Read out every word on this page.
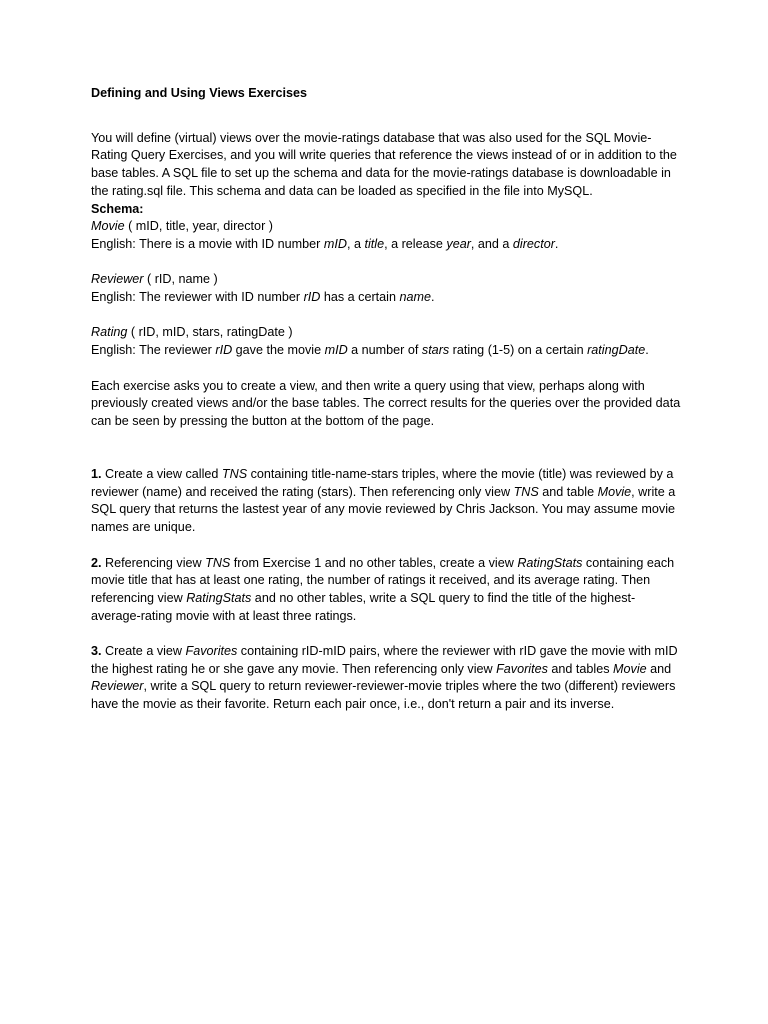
Defining and Using Views Exercises

You will define (virtual) views over the movie-ratings database that was also used for the SQL Movie-Rating Query Exercises, and you will write queries that reference the views instead of or in addition to the base tables. A SQL file to set up the schema and data for the movie-ratings database is downloadable in the rating.sql file. This schema and data can be loaded as specified in the file into MySQL.

Schema:

Movie ( mID, title, year, director )

English: There is a movie with ID number mID, a title, a release year, and a director.

Reviewer ( rID, name )

English: The reviewer with ID number rID has a certain name.

Rating ( rID, mID, stars, ratingDate )

English: The reviewer rID gave the movie mID a number of stars rating (1-5) on a certain ratingDate.

Each exercise asks you to create a view, and then write a query using that view, perhaps along with previously created views and/or the base tables. The correct results for the queries over the provided data can be seen by pressing the button at the bottom of the page.

1. Create a view called TNS containing title-name-stars triples, where the movie (title) was reviewed by a reviewer (name) and received the rating (stars). Then referencing only view TNS and table Movie, write a SQL query that returns the lastest year of any movie reviewed by Chris Jackson. You may assume movie names are unique.

2. Referencing view TNS from Exercise 1 and no other tables, create a view RatingStats containing each movie title that has at least one rating, the number of ratings it received, and its average rating. Then referencing view RatingStats and no other tables, write a SQL query to find the title of the highest-average-rating movie with at least three ratings.

3. Create a view Favorites containing rID-mID pairs, where the reviewer with rID gave the movie with mID the highest rating he or she gave any movie. Then referencing only view Favorites and tables Movie and Reviewer, write a SQL query to return reviewer-reviewer-movie triples where the two (different) reviewers have the movie as their favorite. Return each pair once, i.e., don't return a pair and its inverse.
